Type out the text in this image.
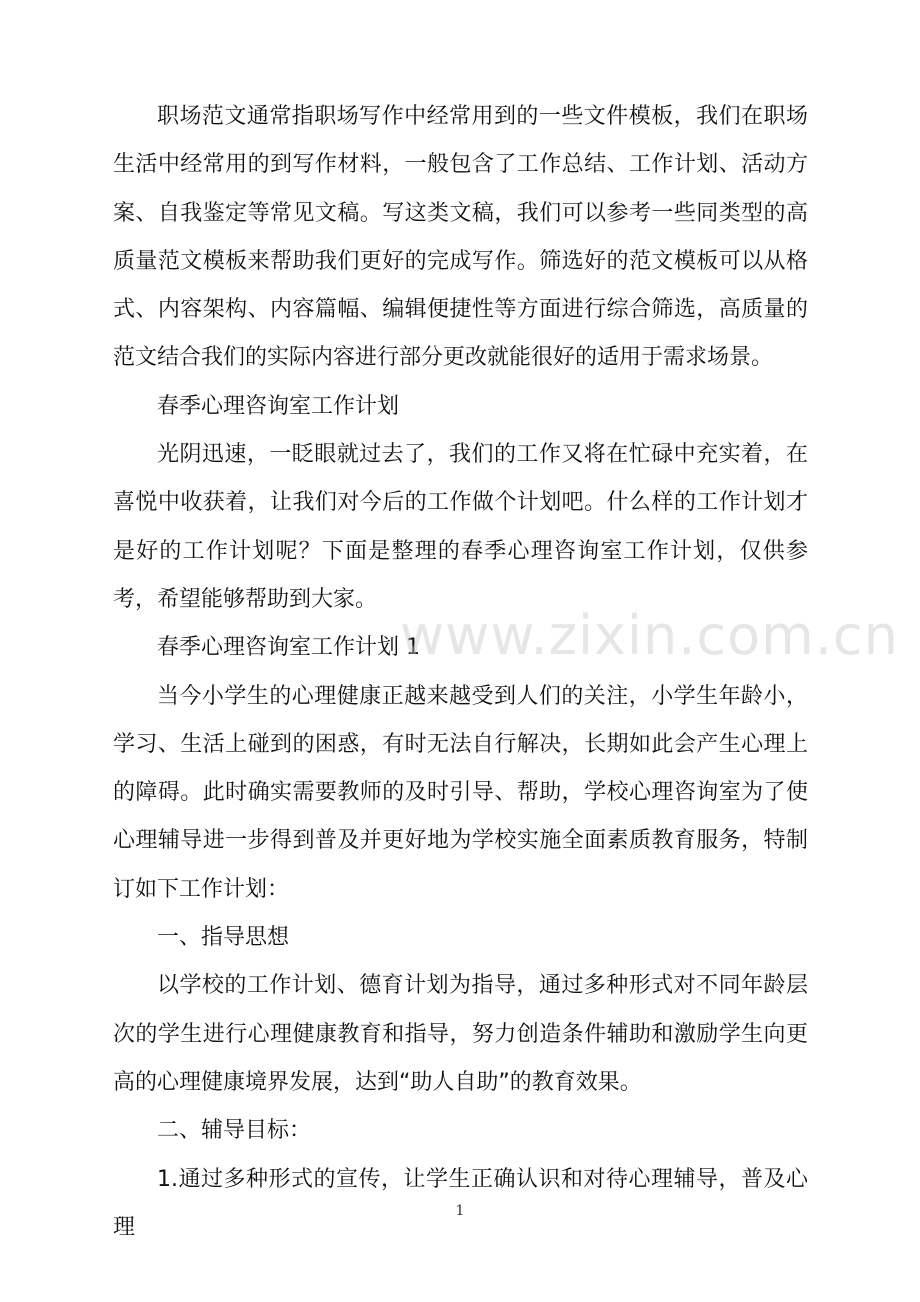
职场范文通常指职场写作中经常用到的一些文件模板，我们在职场生活中经常用的到写作材料，一般包含了工作总结、工作计划、活动方案、自我鉴定等常见文稿。写这类文稿，我们可以参考一些同类型的高质量范文模板来帮助我们更好的完成写作。筛选好的范文模板可以从格式、内容架构、内容篇幅、编辑便捷性等方面进行综合筛选，高质量的范文结合我们的实际内容进行部分更改就能很好的适用于需求场景。

春季心理咨询室工作计划

光阴迅速，一眨眼就过去了，我们的工作又将在忙碌中充实着，在喜悦中收获着，让我们对今后的工作做个计划吧。什么样的工作计划才是好的工作计划呢？下面是整理的春季心理咨询室工作计划，仅供参考，希望能够帮助到大家。

春季心理咨询室工作计划 1

当今小学生的心理健康正越来越受到人们的关注，小学生年龄小，学习、生活上碰到的困惑，有时无法自行解决，长期如此会产生心理上的障碍。此时确实需要教师的及时引导、帮助，学校心理咨询室为了使心理辅导进一步得到普及并更好地为学校实施全面素质教育服务，特制订如下工作计划：

一、指导思想

以学校的工作计划、德育计划为指导，通过多种形式对不同年龄层次的学生进行心理健康教育和指导，努力创造条件辅助和激励学生向更高的心理健康境界发展，达到“助人自助”的教育效果。

二、辅导目标：

1.通过多种形式的宣传，让学生正确认识和对待心理辅导，普及心理

www.zixin.com.cn
1
